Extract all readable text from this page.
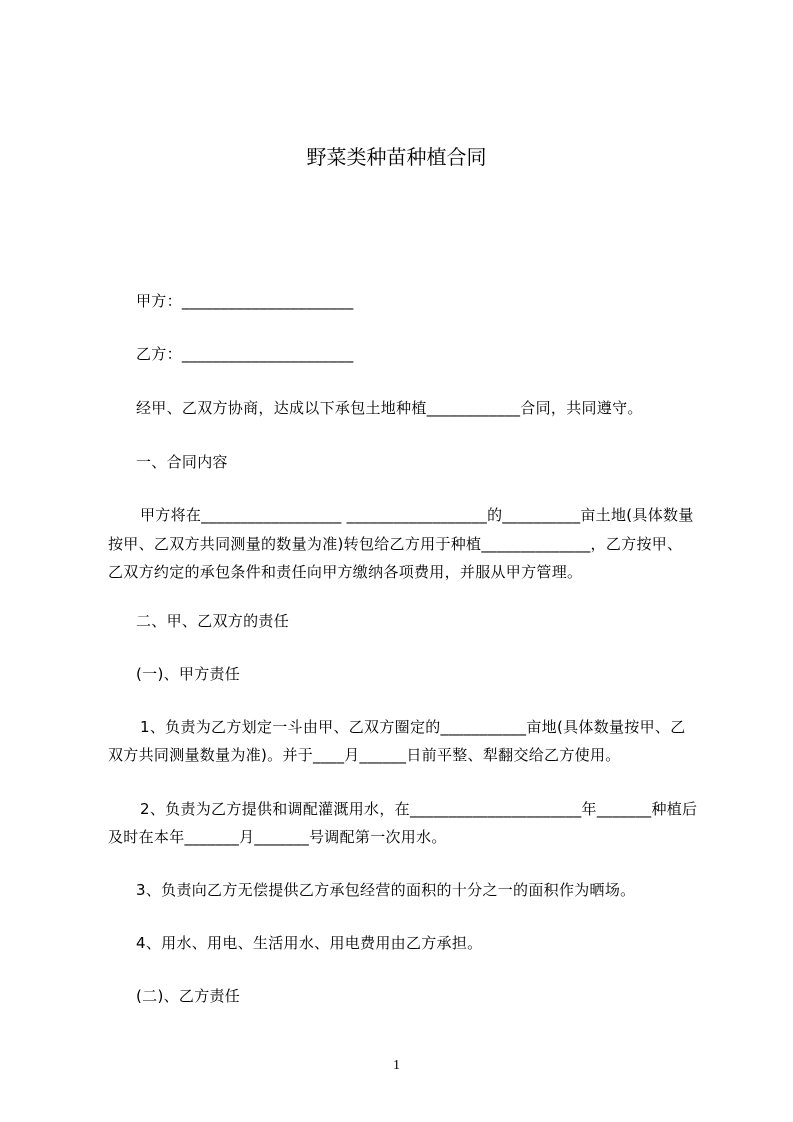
野菜类种苗种植合同
甲方：______________________
乙方：______________________
经甲、乙双方协商，达成以下承包土地种植____________合同，共同遵守。
一、合同内容
甲方将在__________________ __________________的__________亩土地(具体数量
按甲、乙双方共同测量的数量为准)转包给乙方用于种植______________，乙方按甲、
乙双方约定的承包条件和责任向甲方缴纳各项费用，并服从甲方管理。
二、甲、乙双方的责任
(一)、甲方责任
1、负责为乙方划定一斗由甲、乙双方圈定的___________亩地(具体数量按甲、乙
双方共同测量数量为准)。并于____月______日前平整、犁翻交给乙方使用。
2、负责为乙方提供和调配灌溉用水，在______________________年_______种植后
及时在本年_______月_______号调配第一次用水。
3、负责向乙方无偿提供乙方承包经营的面积的十分之一的面积作为晒场。
4、用水、用电、生活用水、用电费用由乙方承担。
(二)、乙方责任
1
